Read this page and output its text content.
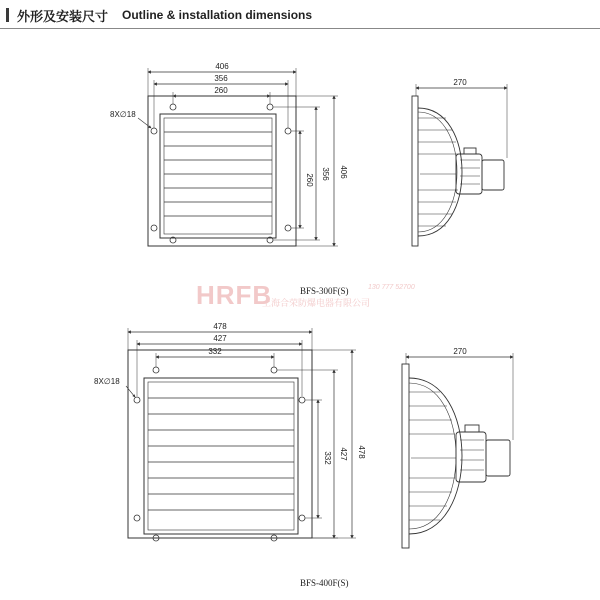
外形及安装尺寸 Outline & installation dimensions
HRFB	130 777 52700
上海合荣防爆电器有限公司
406
356
260
8X∅18
260 356 406
270
BFS-300F(S)
478
427
332
8X∅18
332 427 478
270
BFS-400F(S)
